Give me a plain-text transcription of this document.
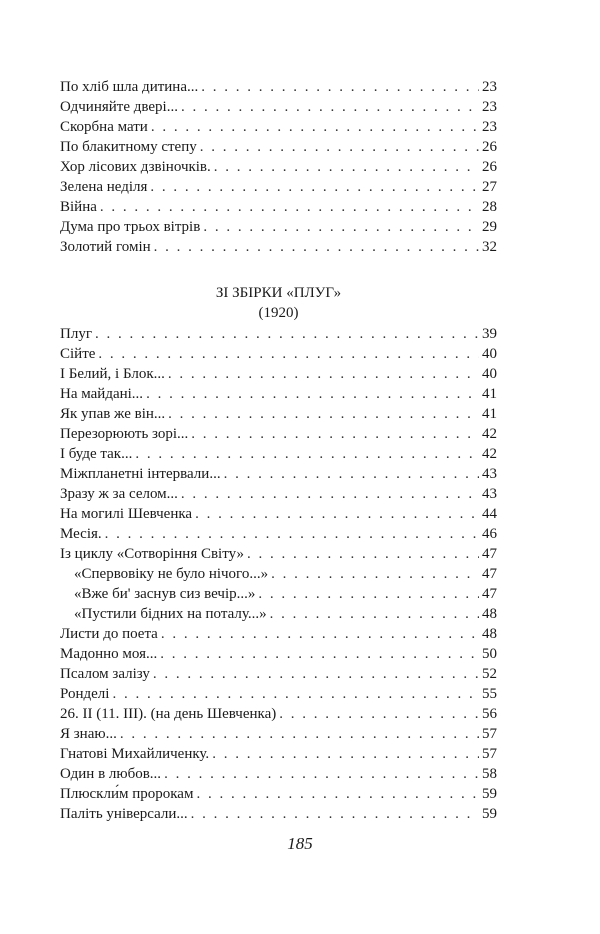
По хліб шла дитина... . . .	23
Одчиняйте двері... . . .	23
Скорбна мати . . .	23
По блакитному степу . . .	26
Хор лісових дзвіночків. . . .	26
Зелена неділя . . .	27
Війна . . .	28
Дума про трьох вітрів . . .	29
Золотий гомін . . .	32
ЗІ ЗБІРКИ «ПЛУГ»
(1920)
Плуг . . .	39
Сійте . . .	40
І Белий, і Блок... . . .	40
На майдані... . . .	41
Як упав же він... . . .	41
Перезорюють зорі... . . .	42
І буде так... . . .	42
Міжпланетні інтервали... . . .	43
Зразу ж за селом... . . .	43
На могилі Шевченка . . .	44
Месія. . . .	46
Із циклу «Сотворіння Світу» . . .	47
«Спервовіку не було нічого...» . . .	47
«Вже би' заснув сиз вечір...» . . .	47
«Пустили бідних на поталу...» . . .	48
Листи до поета . . .	48
Мадонно моя... . . .	50
Псалом залізу . . .	52
Ронделі . . .	55
26. II (11. III). (на день Шевченка) . . .	56
Я знаю... . . .	57
Гнатові Михайличенку. . . .	57
Один в любов... . . .	58
Плюскли́м пророкам . . .	59
Паліть універсали... . . .	59
185
